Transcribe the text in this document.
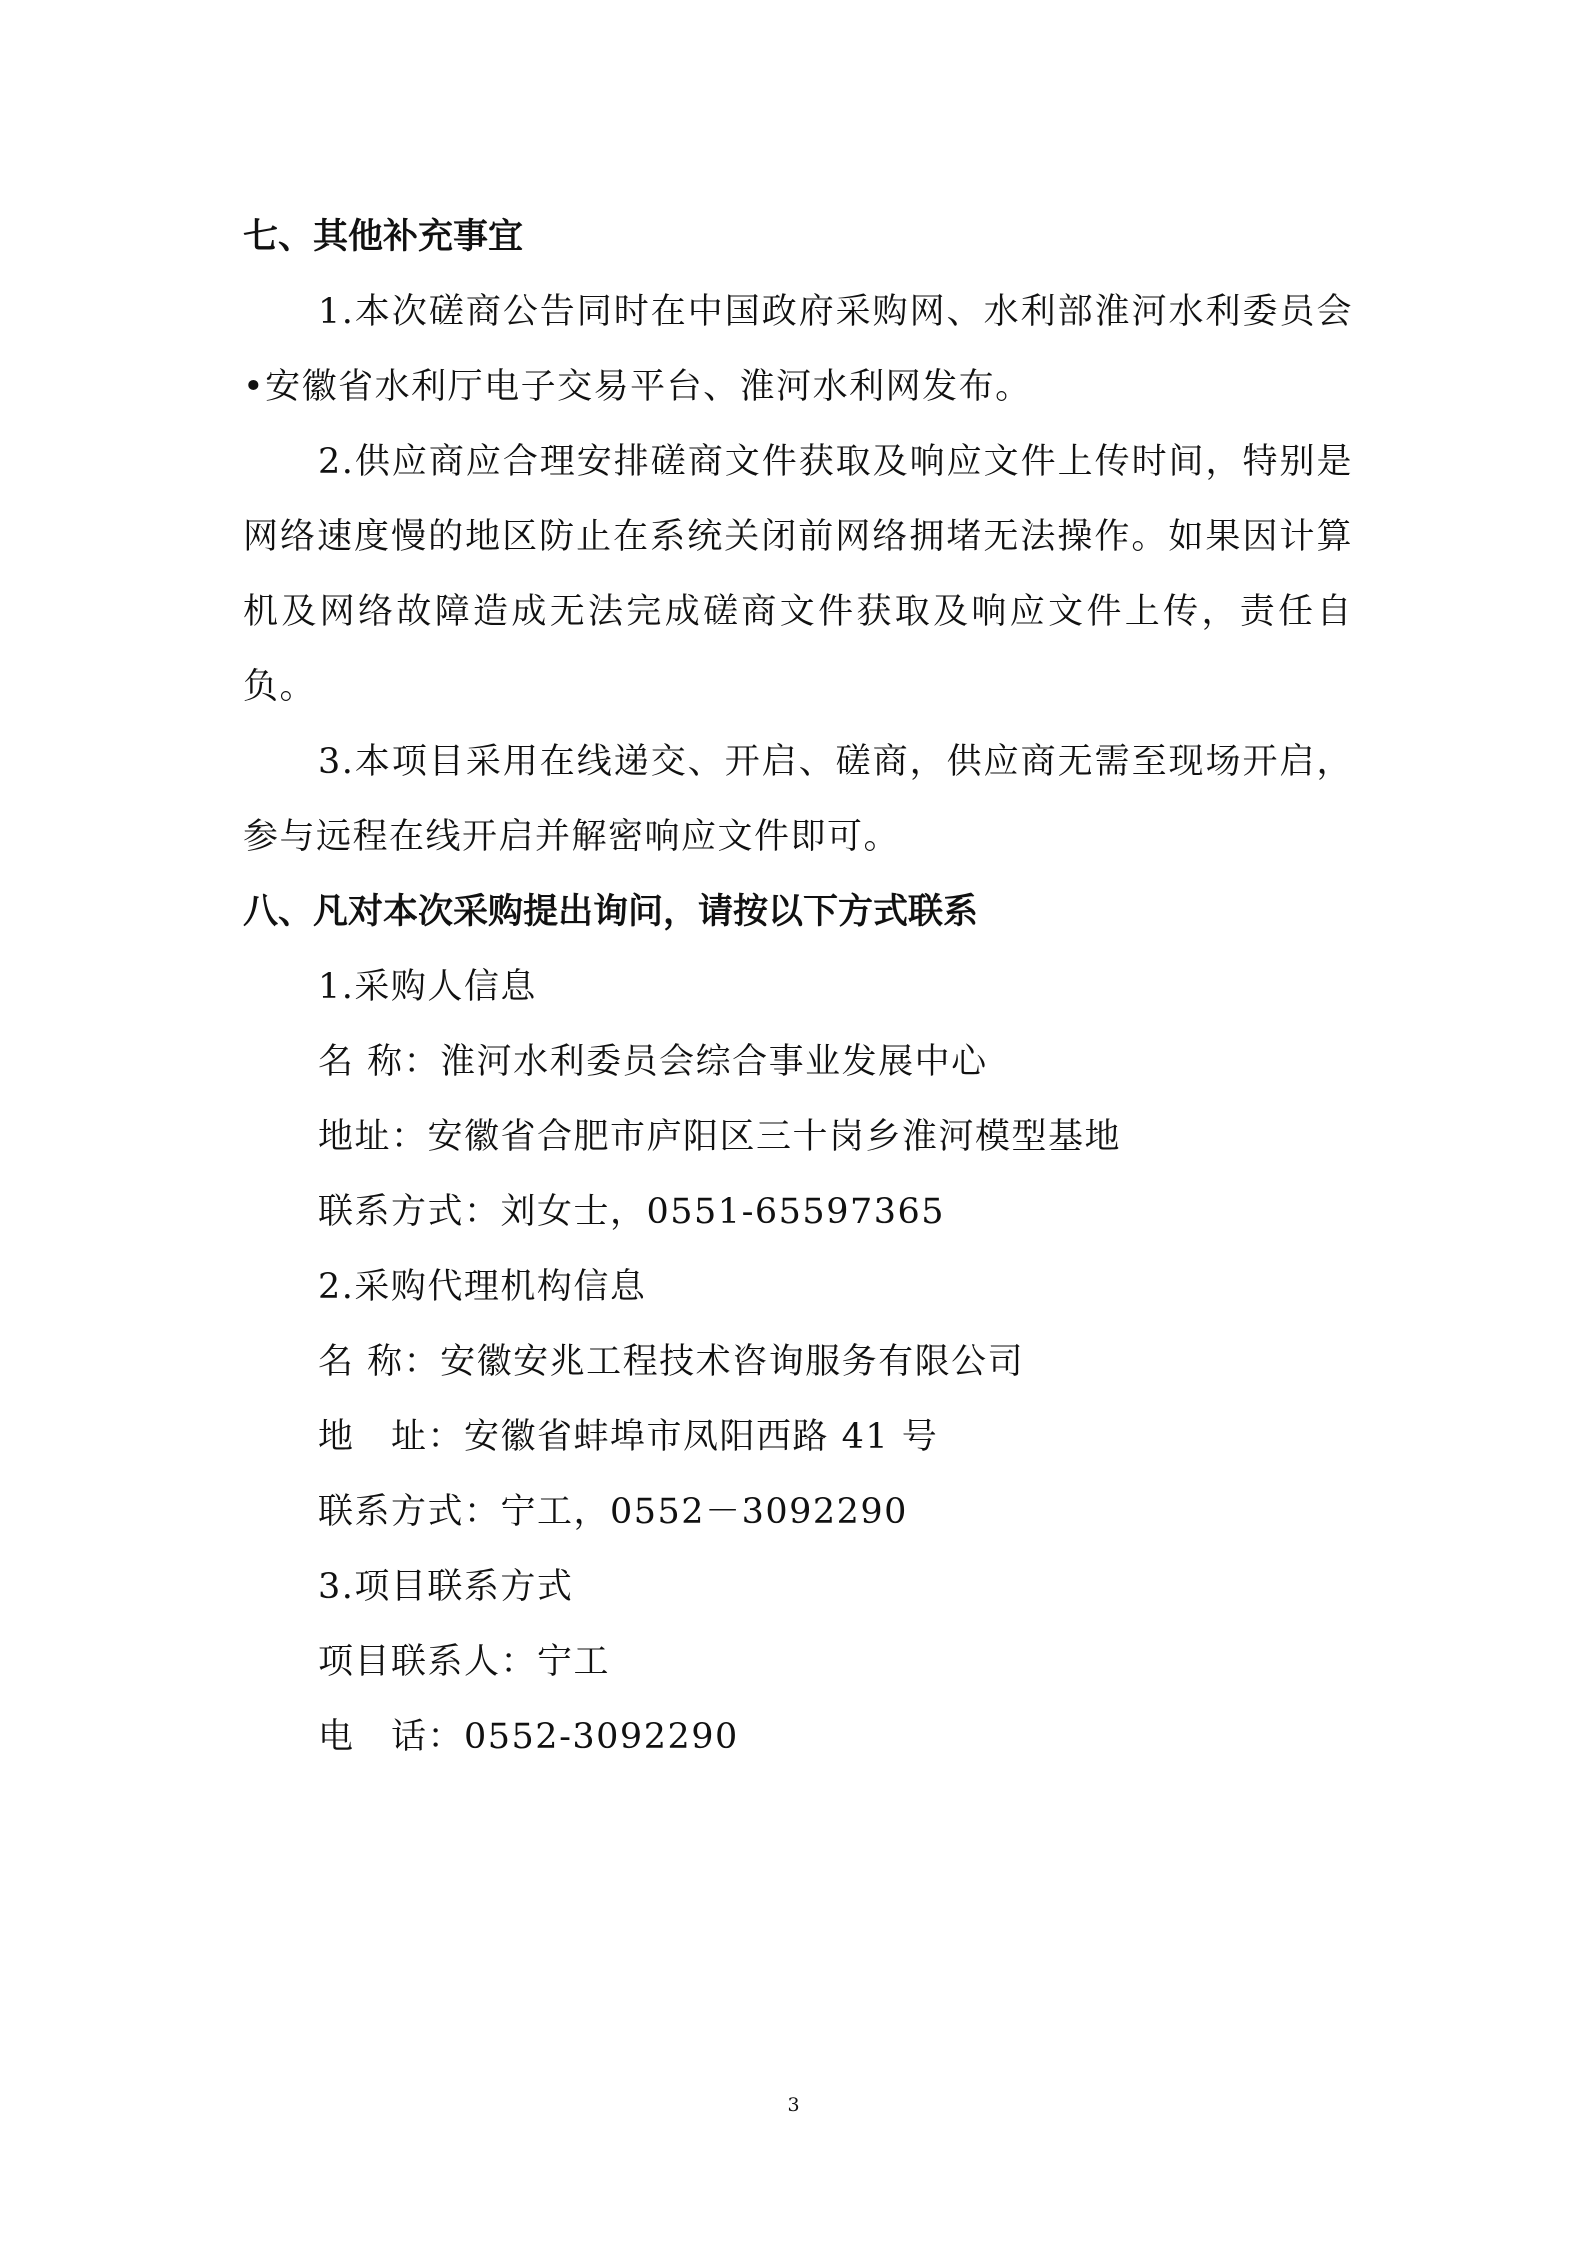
七、其他补充事宜
1.本次磋商公告同时在中国政府采购网、水利部淮河水利委员会•安徽省水利厅电子交易平台、淮河水利网发布。
2.供应商应合理安排磋商文件获取及响应文件上传时间，特别是网络速度慢的地区防止在系统关闭前网络拥堵无法操作。如果因计算机及网络故障造成无法完成磋商文件获取及响应文件上传，责任自负。
3.本项目采用在线递交、开启、磋商，供应商无需至现场开启，参与远程在线开启并解密响应文件即可。
八、凡对本次采购提出询问，请按以下方式联系
1.采购人信息
名 称：淮河水利委员会综合事业发展中心
地址：安徽省合肥市庐阳区三十岗乡淮河模型基地
联系方式：刘女士，0551-65597365
2.采购代理机构信息
名 称：安徽安兆工程技术咨询服务有限公司
地　址：安徽省蚌埠市凤阳西路 41 号
联系方式：宁工，0552－3092290
3.项目联系方式
项目联系人：宁工
电　话：0552-3092290
3
